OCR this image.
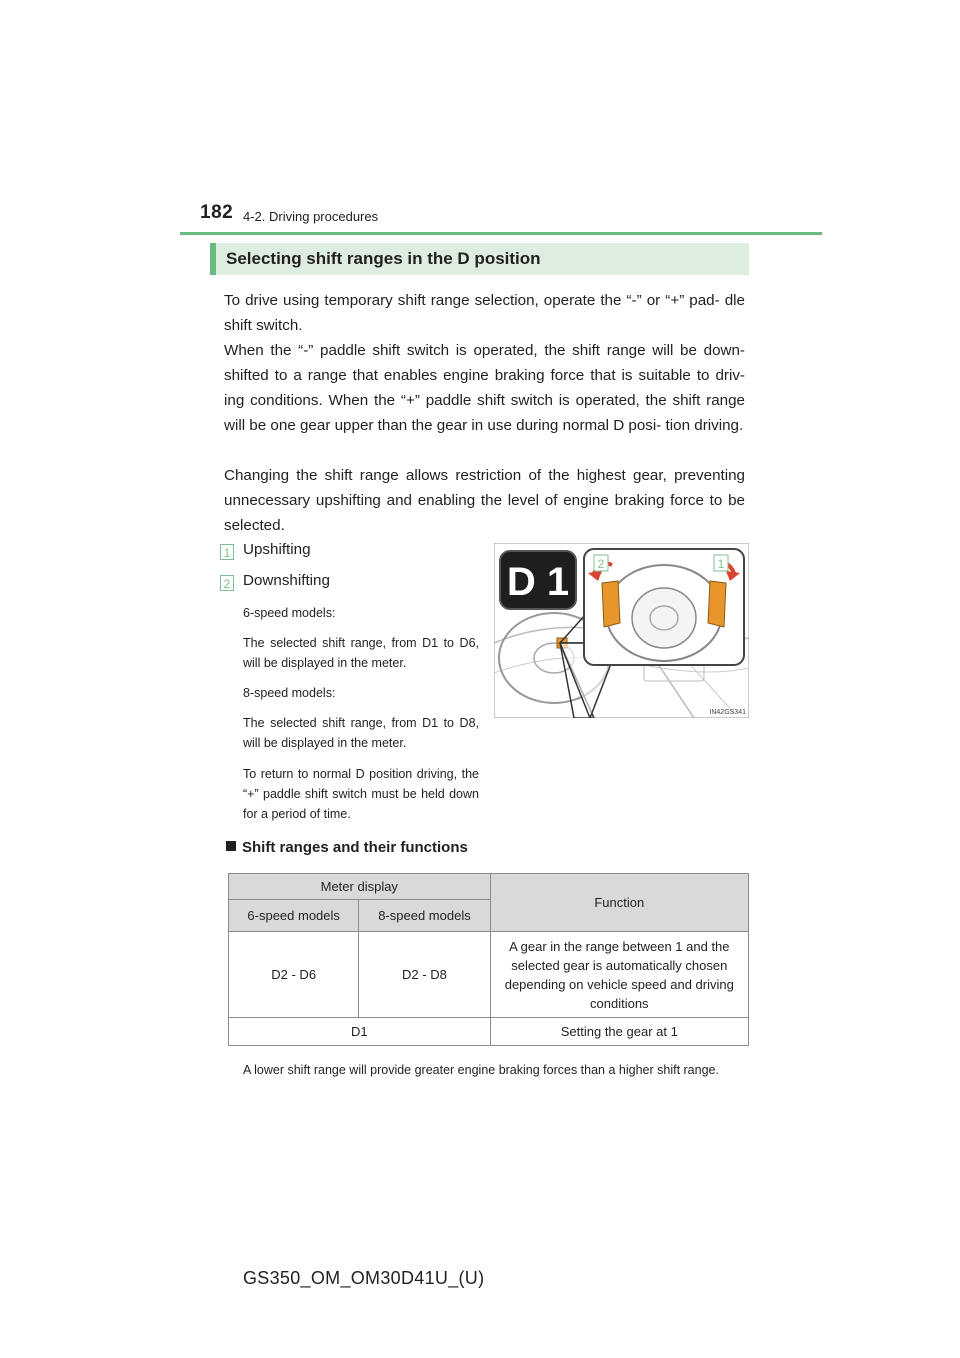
182 4-2. Driving procedures
Selecting shift ranges in the D position
To drive using temporary shift range selection, operate the “-” or “+” pad- dle shift switch.
When the “-” paddle shift switch is operated, the shift range will be down- shifted to a range that enables engine braking force that is suitable to driv- ing conditions. When the “+” paddle shift switch is operated, the shift range will be one gear upper than the gear in use during normal D posi- tion driving.
Changing the shift range allows restriction of the highest gear, preventing unnecessary upshifting and enabling the level of engine braking force to be selected.
1 Upshifting
2 Downshifting
6-speed models:
The selected shift range, from D1 to D6, will be displayed in the meter.
8-speed models:
The selected shift range, from D1 to D8, will be displayed in the meter.
To return to normal D position driving, the “+” paddle shift switch must be held down for a period of time.
2	1
D 1
IN42GS341
Shift ranges and their functions
Meter display		Function
6-speed models	8-speed models	
D2 - D6	D2 - D8	A gear in the range between 1 and the selected gear is automatically chosen depending on vehicle speed and driving conditions
D1		Setting the gear at 1
A lower shift range will provide greater engine braking forces than a higher shift range.
GS350_OM_OM30D41U_(U)
